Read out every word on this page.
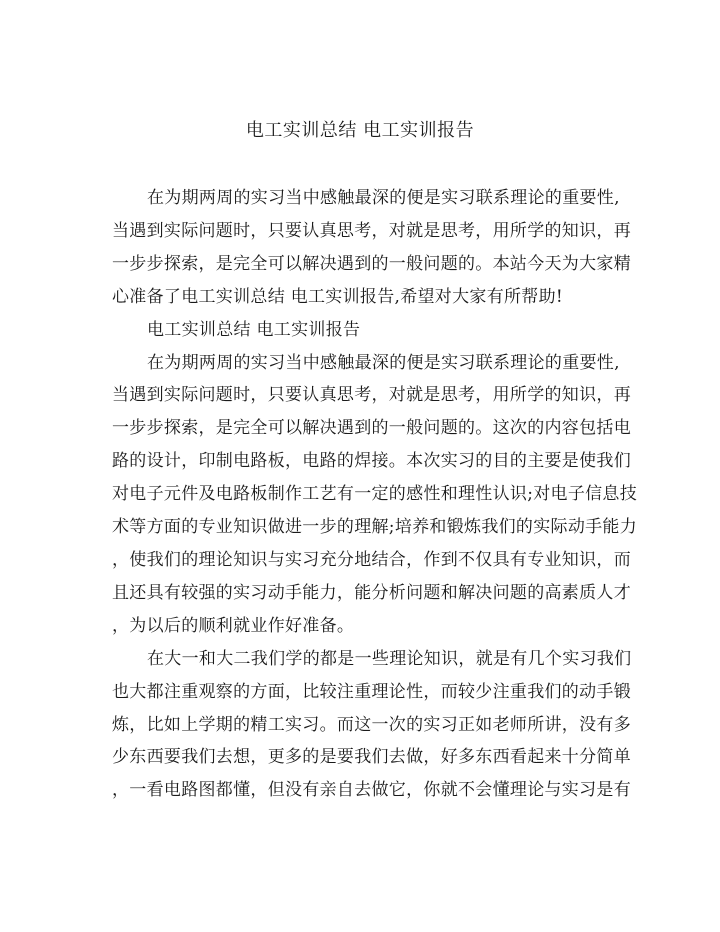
电工实训总结 电工实训报告
在为期两周的实习当中感触最深的便是实习联系理论的重要性,
当遇到实际问题时，只要认真思考，对就是思考，用所学的知识，再
一步步探索，是完全可以解决遇到的一般问题的。本站今天为大家精
心准备了电工实训总结 电工实训报告,希望对大家有所帮助!
电工实训总结 电工实训报告
在为期两周的实习当中感触最深的便是实习联系理论的重要性,
当遇到实际问题时，只要认真思考，对就是思考，用所学的知识，再
一步步探索，是完全可以解决遇到的一般问题的。这次的内容包括电
路的设计，印制电路板，电路的焊接。本次实习的目的主要是使我们
对电子元件及电路板制作工艺有一定的感性和理性认识;对电子信息技
术等方面的专业知识做进一步的理解;培养和锻炼我们的实际动手能力
，使我们的理论知识与实习充分地结合，作到不仅具有专业知识，而
且还具有较强的实习动手能力，能分析问题和解决问题的高素质人才
，为以后的顺利就业作好准备。
在大一和大二我们学的都是一些理论知识，就是有几个实习我们
也大都注重观察的方面，比较注重理论性，而较少注重我们的动手锻
炼，比如上学期的精工实习。而这一次的实习正如老师所讲，没有多
少东西要我们去想，更多的是要我们去做，好多东西看起来十分简单
，一看电路图都懂，但没有亲自去做它，你就不会懂理论与实习是有
